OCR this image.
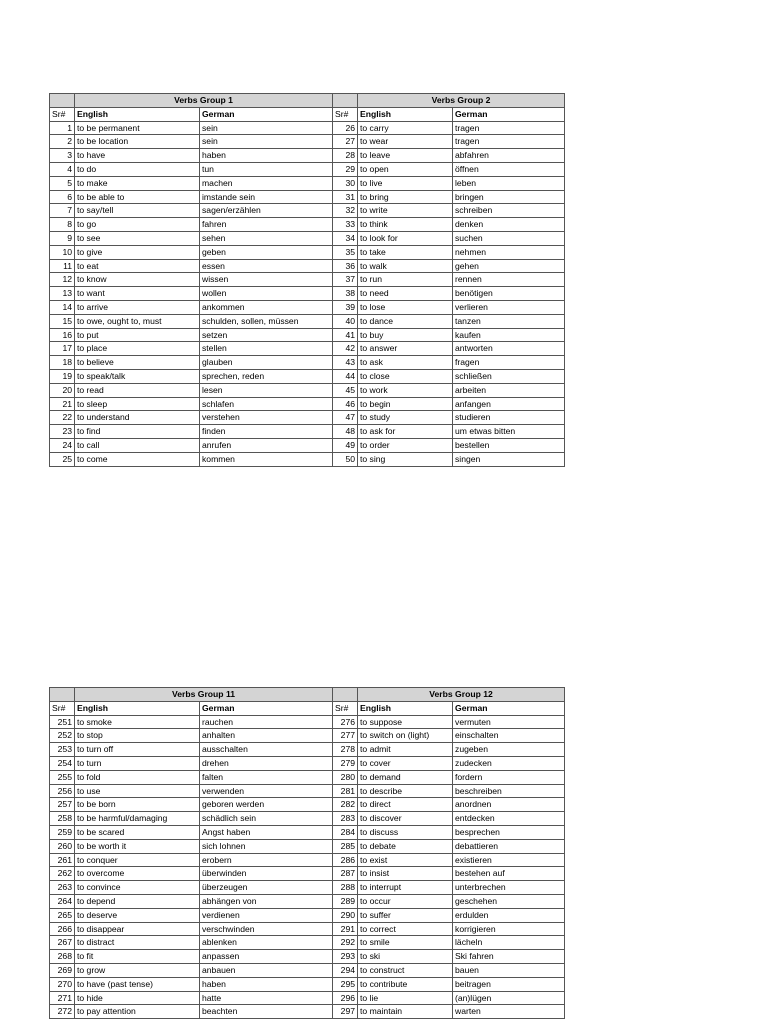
	Verbs Group 1			Verbs Group 2	
Sr#	English	German	Sr#	English	German
1	to be permanent	sein	26	to carry	tragen
2	to be location	sein	27	to wear	tragen
3	to have	haben	28	to leave	abfahren
4	to do	tun	29	to open	öffnen
5	to make	machen	30	to live	leben
6	to be able to	imstande sein	31	to bring	bringen
7	to say/tell	sagen/erzählen	32	to write	schreiben
8	to go	fahren	33	to think	denken
9	to see	sehen	34	to look for	suchen
10	to give	geben	35	to take	nehmen
11	to eat	essen	36	to walk	gehen
12	to know	wissen	37	to run	rennen
13	to want	wollen	38	to need	benötigen
14	to arrive	ankommen	39	to lose	verlieren
15	to owe, ought to, must	schulden, sollen, müssen	40	to dance	tanzen
16	to put	setzen	41	to buy	kaufen
17	to place	stellen	42	to answer	antworten
18	to believe	glauben	43	to ask	fragen
19	to speak/talk	sprechen, reden	44	to close	schließen
20	to read	lesen	45	to work	arbeiten
21	to sleep	schlafen	46	to begin	anfangen
22	to understand	verstehen	47	to study	studieren
23	to find	finden	48	to ask for	um etwas bitten
24	to call	anrufen	49	to order	bestellen
25	to come	kommen	50	to sing	singen
	Verbs Group 11			Verbs Group 12	
Sr#	English	German	Sr#	English	German
251	to smoke	rauchen	276	to suppose	vermuten
252	to stop	anhalten	277	to switch on (light)	einschalten
253	to turn off	ausschalten	278	to admit	zugeben
254	to turn	drehen	279	to cover	zudecken
255	to fold	falten	280	to demand	fordern
256	to use	verwenden	281	to describe	beschreiben
257	to be born	geboren werden	282	to direct	anordnen
258	to be harmful/damaging	schädlich sein	283	to discover	entdecken
259	to be scared	Angst haben	284	to discuss	besprechen
260	to be worth it	sich lohnen	285	to debate	debattieren
261	to conquer	erobern	286	to exist	existieren
262	to overcome	überwinden	287	to insist	bestehen auf
263	to convince	überzeugen	288	to interrupt	unterbrechen
264	to depend	abhängen von	289	to occur	geschehen
265	to deserve	verdienen	290	to suffer	erdulden
266	to disappear	verschwinden	291	to correct	korrigieren
267	to distract	ablenken	292	to smile	lächeln
268	to fit	anpassen	293	to ski	Ski fahren
269	to grow	anbauen	294	to construct	bauen
270	to have (past tense)	haben	295	to contribute	beitragen
271	to hide	hatte	296	to lie	(an)lügen
272	to pay attention	beachten	297	to maintain	warten
